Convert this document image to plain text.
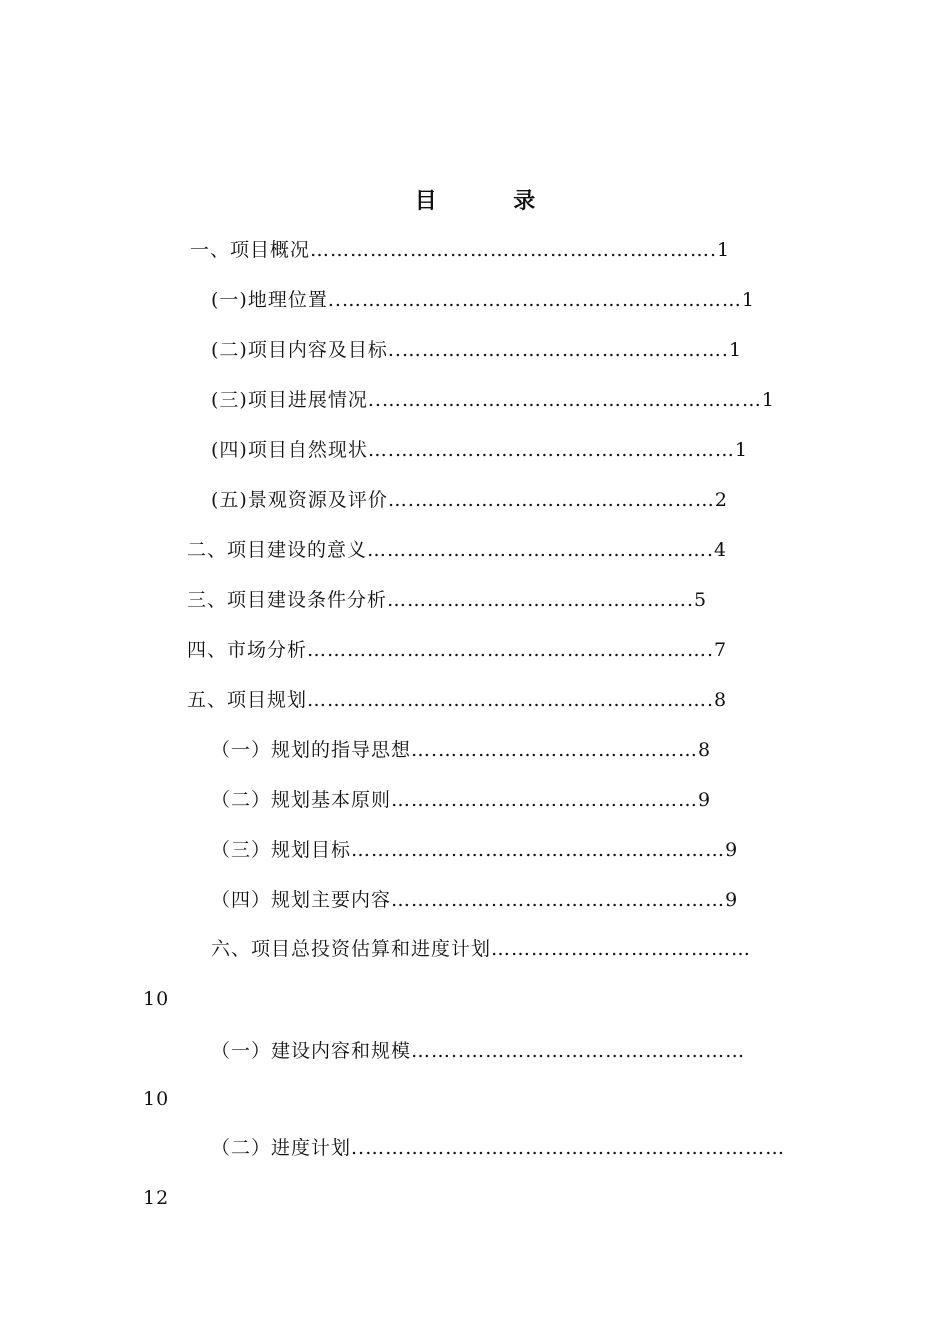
目          录
一、项目概况…………………………………………………….1
(一)地理位置..……………………………………………………1
(二)项目内容及目标..………………………………………….1
(三)项目进展情况..…………………………………………………1
(四)项目自然现状….……………………………………………1
(五)景观资源及评价….………………………………………2
二、项目建设的意义…………………………………………….4
三、项目建设条件分析……………………………………….5
四、市场分析…………………………………………………….7
五、项目规划…………………………………………………….8
（一）规划的指导思想….…………………………………8
（二）规划基本原则……….………………………………9
（三）规划目标……………..…………………………………9
（四）规划主要内容……………..……………………………9
六、项目总投资估算和进度计划…………………………………
10
（一）建设内容和规模……..……………………………………
10
（二）进度计划..………………………………………………………
12
